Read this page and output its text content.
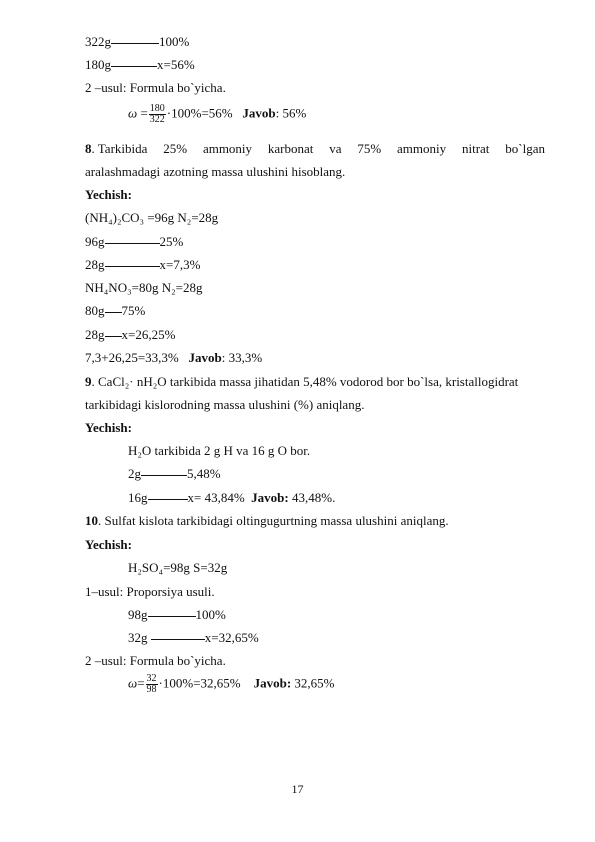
322g	100%
180g	x=56%
2 –usul: Formula bo`yicha.
$\omega = \frac{180}{322} \cdot 100\%=56\%$ Javob: 56%
8. Tarkibida 25% ammoniy karbonat va 75% ammoniy nitrat bo`lgan
aralashmadagi azotning massa ulushini hisoblang.
Yechish:
(NH₄)₂CO₃ =96g N₂=28g
96g	25%
28g	x=7,3%
NH₄NO₃=80g N₂=28g
80g 75%
28g x=26,25%
7,3+26,25=33,3% Javob: 33,3%
9. CaCl₂· nH₂O tarkibida massa jihatidan 5,48% vodorod bor bo`lsa, kristallogidrat
tarkibidagi kislorodning massa ulushini (%) aniqlang.
Yechish:
H₂O tarkibida 2 g H va 16 g O bor.
2g	5,48%
16g	x= 43,84% Javob: 43,48%.
10. Sulfat kislota tarkibidagi oltingugurtning massa ulushini aniqlang.
Yechish:
H₂SO₄=98g S=32g
1–usul: Proporsiya usuli.
98g	100%
32g	x=32,65%
2 –usul: Formula bo`yicha.
$\omega= \frac{32}{98} \cdot 100\%=32,65\%$ Javob: 32,65%
17
